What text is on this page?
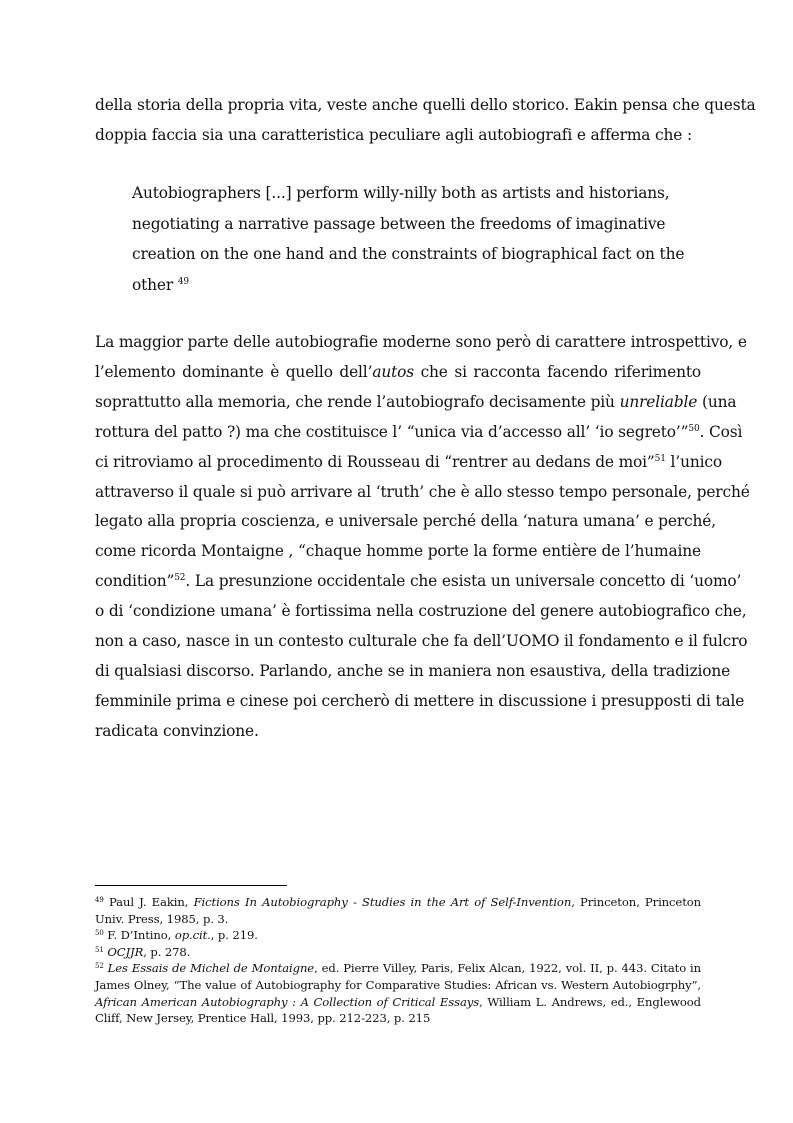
della storia della propria vita, veste anche quelli dello storico. Eakin pensa che questa
doppia faccia sia una caratteristica peculiare agli autobiografi e afferma che :
Autobiographers [...] perform willy-nilly both as artists and historians,
negotiating a narrative passage between the freedoms of imaginative
creation on the one hand and the constraints of biographical fact on the
other $^{49}$
La maggior parte delle autobiografie moderne sono però di carattere introspettivo, e
l’elemento dominante è quello dell’autos che si racconta facendo riferimento
soprattutto alla memoria, che rende l’autobiografo decisamente più unreliable (una
rottura del patto ?) ma che costituisce l’ “unica via d’accesso all’ ‘io segreto’”$^{50}$. Così
ci ritroviamo al procedimento di Rousseau di “rentrer au dedans de moi”$^{51}$ l’unico
attraverso il quale si può arrivare al ‘truth’ che è allo stesso tempo personale, perché
legato alla propria coscienza, e universale perché della ‘natura umana’ e perché,
come ricorda Montaigne , “chaque homme porte la forme entière de l’humaine
condition”$^{52}$. La presunzione occidentale che esista un universale concetto di ‘uomo’
o di ‘condizione umana’ è fortissima nella costruzione del genere autobiografico che,
non a caso, nasce in un contesto culturale che fa dell’UOMO il fondamento e il fulcro
di qualsiasi discorso. Parlando, anche se in maniera non esaustiva, della tradizione
femminile prima e cinese poi cercherò di mettere in discussione i presupposti di tale
radicata convinzione.
$^{49}$ Paul J. Eakin, Fictions In Autobiography - Studies in the Art of Self-Invention, Princeton, Princeton Univ. Press, 1985, p. 3.
$^{50}$ F. D’Intino, op.cit., p. 219.
$^{51}$ OCJJR, p. 278.
$^{52}$ Les Essais de Michel de Montaigne, ed. Pierre Villey, Paris, Felix Alcan, 1922, vol. II, p. 443. Citato in James Olney, “The value of Autobiography for Comparative Studies: African vs. Western Autobiogrphy”, African American Autobiography : A Collection of Critical Essays, William L. Andrews, ed., Englewood Cliff, New Jersey, Prentice Hall, 1993, pp. 212-223, p. 215
